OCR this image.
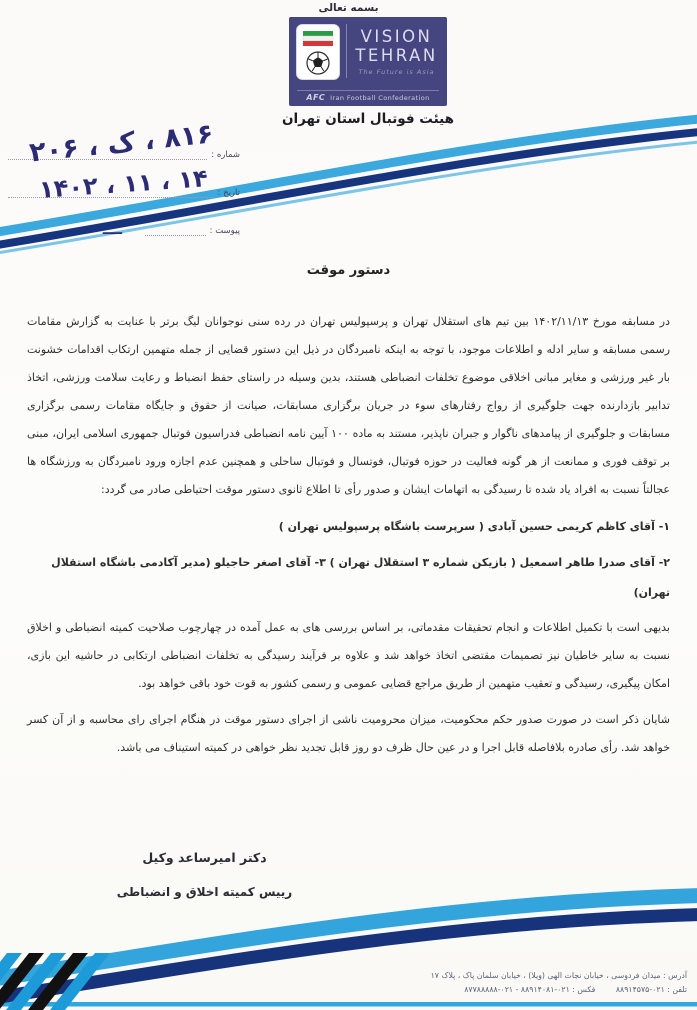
بسمه تعالی
VISION
TEHRAN
The Future is Asia
AFC Iran Football Confederation
هیئت فوتبال استان تهران
شماره :
تاریخ :
پیوست :
۸۱۶ ، ک ، ۲۰۶
۱۴ ، ۱۱ ، ۱۴۰۲
ــــ
دستور موقت

در مسابقه مورخ ۱۴۰۲/۱۱/۱۳ بین تیم های استقلال تهران و پرسپولیس تهران در رده سنی نوجوانان لیگ برتر با عنایت به گزارش مقامات رسمی مسابقه و سایر ادله و اطلاعات موجود، با توجه به اینکه نامبردگان در ذیل این دستور قضایی از جمله متهمین ارتکاب اقدامات خشونت بار غیر ورزشی و مغایر مبانی اخلاقی موضوع تخلفات انضباطی هستند، بدین وسیله در راستای حفظ انضباط و رعایت سلامت ورزشی، اتخاذ تدابیر بازدارنده جهت جلوگیری از رواج رفتارهای سوء در جریان برگزاری مسابقات، صیانت از حقوق و جایگاه مقامات رسمی برگزاری مسابقات و جلوگیری از پیامدهای ناگوار و جبران ناپذیر، مستند به ماده ۱۰۰ آیین نامه انضباطی فدراسیون فوتبال جمهوری اسلامی ایران، مبنی بر توقف فوری و ممانعت از هر گونه فعالیت در حوزه فوتبال، فوتسال و فوتبال ساحلی و همچنین عدم اجازه ورود نامبردگان به ورزشگاه ها عجالتاً نسبت به افراد یاد شده تا رسیدگی به اتهامات ایشان و صدور رأی تا اطلاع ثانوی دستور موقت احتیاطی صادر می گردد:

۱- آقای کاظم کریمی حسین آبادی ( سرپرست باشگاه پرسپولیس تهران )

۲- آقای صدرا طاهر اسمعیل ( بازیکن شماره ۳ استقلال تهران ) ۳- آقای اصغر حاجیلو (مدیر آکادمی باشگاه استقلال تهران)

بدیهی است با تکمیل اطلاعات و انجام تحقیقات مقدماتی، بر اساس بررسی های به عمل آمده در چهارچوب صلاحیت کمیته انضباطی و اخلاق نسبت به سایر خاطیان نیز تصمیمات مقتضی اتخاذ خواهد شد و علاوه بر فرآیند رسیدگی به تخلفات انضباطی ارتکابی در حاشیه این بازی، امکان پیگیری، رسیدگی و تعقیب متهمین از طریق مراجع قضایی عمومی و رسمی کشور به قوت خود باقی خواهد بود.

شایان ذکر است در صورت صدور حکم محکومیت، میزان محرومیت ناشی از اجرای دستور موقت در هنگام اجرای رای محاسبه و از آن کسر خواهد شد. رأی صادره بلافاصله قابل اجرا و در عین حال ظرف دو روز قابل تجدید نظر خواهی در کمیته استیناف می باشد.

دکتر امیرساعد وکیل
رییس کمیته اخلاق و انضباطی
آدرس : میدان فردوسی ، خیابان نجات الهی (ویلا) ، خیابان سلمان پاک ، پلاک ۱۷
تلفن : ۰۲۱-۸۸۹۱۴۵۷۵ فکس : ۰۲۱-۸۸۹۱۴۰۸۱ - ۰۲۱-۸۷۷۸۸۸۸۸
